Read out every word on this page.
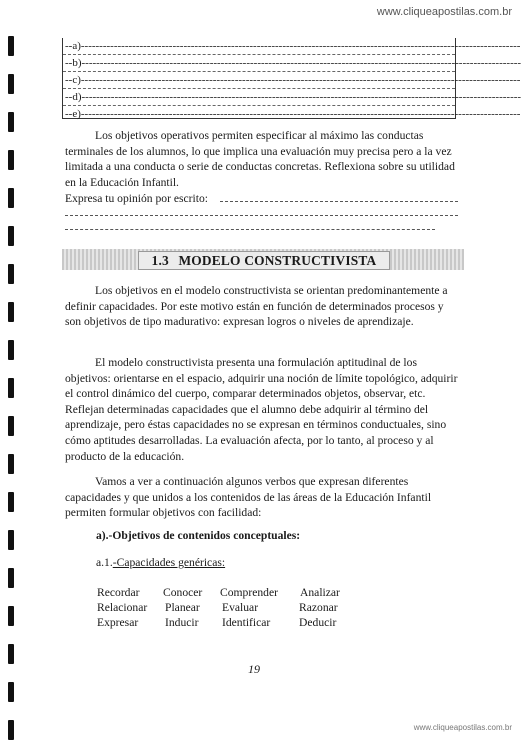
www.cliqueapostilas.com.br
--a)------------------------------------------------------------------------------------------------------------------------
--b)------------------------------------------------------------------------------------------------------------------------
--c)------------------------------------------------------------------------------------------------------------------------
--d)------------------------------------------------------------------------------------------------------------------------
--e)------------------------------------------------------------------------------------------------------------------------
Los objetivos operativos permiten especificar al máximo las conductas terminales de los alumnos, lo que implica una evaluación muy precisa pero a la vez limitada a una conducta o serie de conductas concretas. Reflexiona sobre su utilidad en la Educación Infantil.
Expresa tu opinión por escrito:
1.3 MODELO CONSTRUCTIVISTA
Los objetivos en el modelo constructivista se orientan predominantemente a definir capacidades. Por este motivo están en función de determinados procesos y son objetivos de tipo madurativo: expresan logros o niveles de aprendizaje.
El modelo constructivista presenta una formulación aptitudinal de los objetivos: orientarse en el espacio, adquirir una noción de límite topológico, adquirir el control dinámico del cuerpo, comparar determinados objetos, observar, etc. Reflejan determinadas capacidades que el alumno debe adquirir al término del aprendizaje, pero éstas capacidades no se expresan en términos conductuales, sino cómo aptitudes desarrolladas. La evaluación afecta, por lo tanto, al proceso y al producto de la educación.
Vamos a ver a continuación algunos verbos que expresan diferentes capacidades y que unidos a los contenidos de las áreas de la Educación Infantil permiten formular objetivos con facilidad:
a).-Objetivos de contenidos conceptuales:
a.1.-Capacidades genéricas:
Recordar Conocer Comprender Analizar
Relacionar Planear Evaluar	Razonar
Expresar Inducir Identificar Deducir
19
www.cliqueapostilas.com.br
